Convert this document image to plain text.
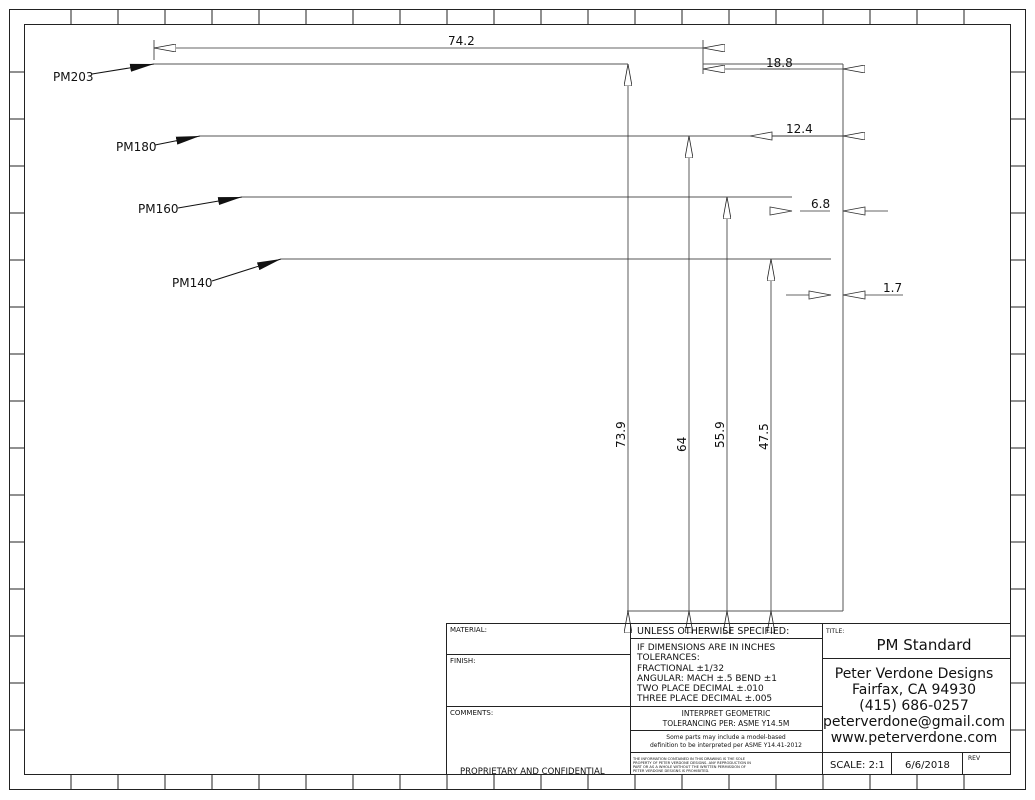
PM203
PM180
PM160
PM140
74.2
18.8
12.4
6.8
1.7
73.9	64 55.9	47.5
MATERIAL:
FINISH:
COMMENTS:
PROPRIETARY AND CONFIDENTIAL
UNLESS OTHERWISE SPECIFIED:
IF DIMENSIONS ARE IN INCHES
TOLERANCES:
FRACTIONAL ±1/32
ANGULAR: MACH ±.5 BEND ±1
TWO PLACE DECIMAL ±.010
THREE PLACE DECIMAL ±.005
INTERPRET GEOMETRIC
TOLERANCING PER: ASME Y14.5M
Some parts may include a model-based
definition to be interpreted per ASME Y14.41-2012
THE INFORMATION CONTAINED IN THIS DRAWING IS THE SOLE
PROPERTY OF PETER VERDONE DESIGNS. ANY REPRODUCTION IN
PART OR AS A WHOLE WITHOUT THE WRITTEN PERMISSION OF
PETER VERDONE DESIGNS IS PROHIBITED.
TITLE:
PM Standard
Peter Verdone Designs
Fairfax, CA 94930
(415) 686-0257
peterverdone@gmail.com
www.peterverdone.com
SCALE: 2:1 6/6/2018
REV
